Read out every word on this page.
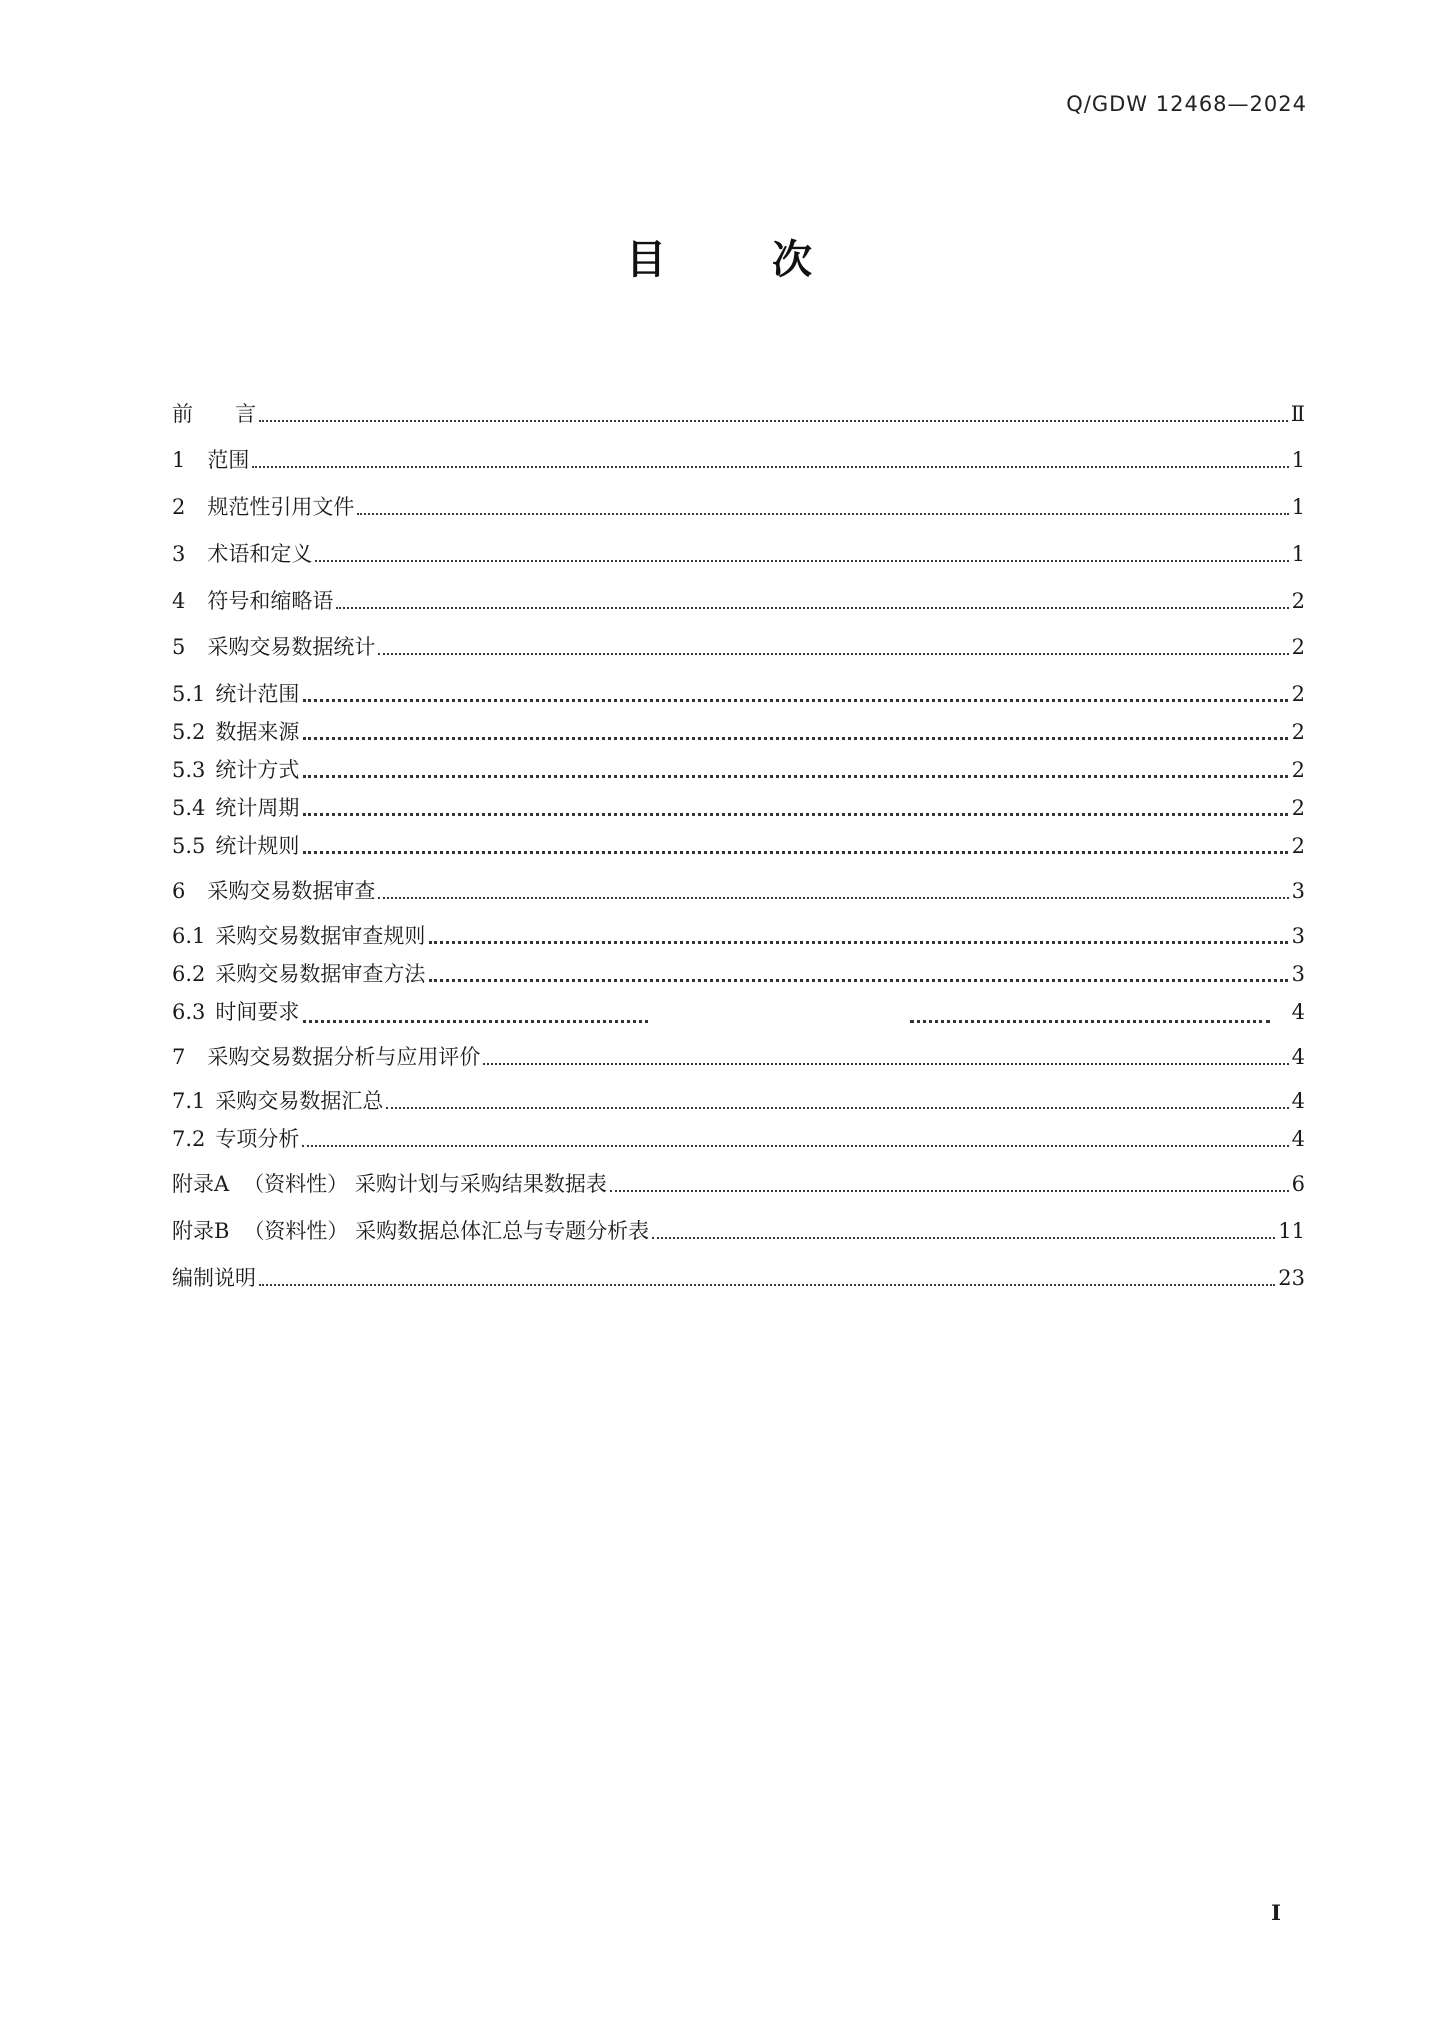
Q/GDW 12468—2024
目 次
前 言	Ⅱ
1 范围	1
2 规范性引用文件	1
3 术语和定义	1
4 符号和缩略语	2
5 采购交易数据统计	2
5.1 统计范围	2
5.2 数据来源	2
5.3 统计方式	2
5.4 统计周期	2
5.5 统计规则	2
6 采购交易数据审查	3
6.1 采购交易数据审查规则	3
6.2 采购交易数据审查方法	3
6.3 时间要求	4
7 采购交易数据分析与应用评价	4
7.1 采购交易数据汇总	4
7.2 专项分析	4
附录A （资料性） 采购计划与采购结果数据表	6
附录B （资料性） 采购数据总体汇总与专题分析表	11
编制说明	23
I
